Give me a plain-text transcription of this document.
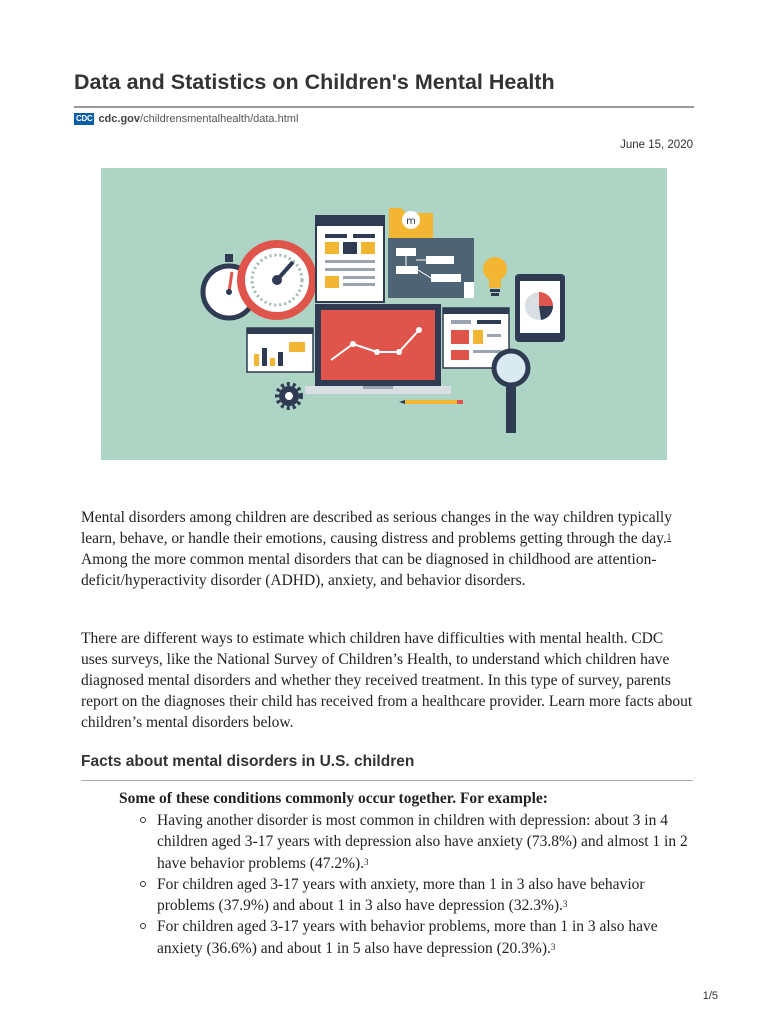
Data and Statistics on Children's Mental Health
CDC cdc.gov/childrensmentalhealth/data.html
June 15, 2020
m

Mental disorders among children are described as serious changes in the way children typically learn, behave, or handle their emotions, causing distress and problems getting through the day.$^1$ Among the more common mental disorders that can be diagnosed in childhood are attention-deficit/hyperactivity disorder (ADHD), anxiety, and behavior disorders.

There are different ways to estimate which children have difficulties with mental health. CDC uses surveys, like the National Survey of Children’s Health, to understand which children have diagnosed mental disorders and whether they received treatment. In this type of survey, parents report on the diagnoses their child has received from a healthcare provider. Learn more facts about children’s mental disorders below.

Facts about mental disorders in U.S. children

Some of these conditions commonly occur together. For example:

Having another disorder is most common in children with depression: about 3 in 4 children aged 3-17 years with depression also have anxiety (73.8%) and almost 1 in 2 have behavior problems (47.2%).$^3$
For children aged 3-17 years with anxiety, more than 1 in 3 also have behavior problems (37.9%) and about 1 in 3 also have depression (32.3%).$^3$
For children aged 3-17 years with behavior problems, more than 1 in 3 also have anxiety (36.6%) and about 1 in 5 also have depression (20.3%).$^3$
1/5
